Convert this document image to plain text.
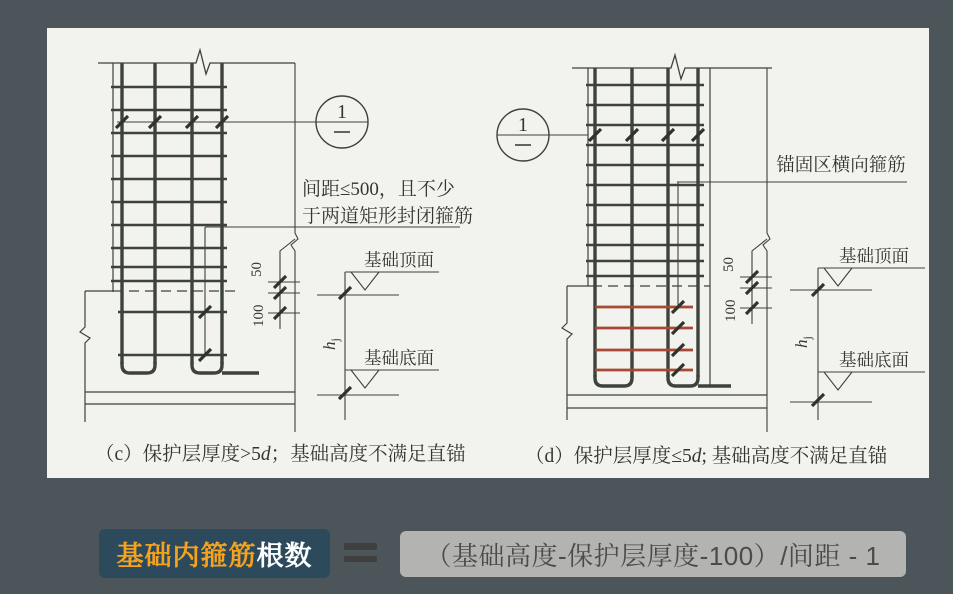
1
间距≤500，且不少
于两道矩形封闭箍筋
50
100
基础顶面
基础底面
$h_j$
（c）保护层厚度>5d；基础高度不满足直锚
1
锚固区横向箍筋
50
100
基础顶面
基础底面
$h_j$
（d）保护层厚度≤5d; 基础高度不满足直锚
基础内箍筋 根数	（基础高度-保护层厚度-100）/间距 - 1
